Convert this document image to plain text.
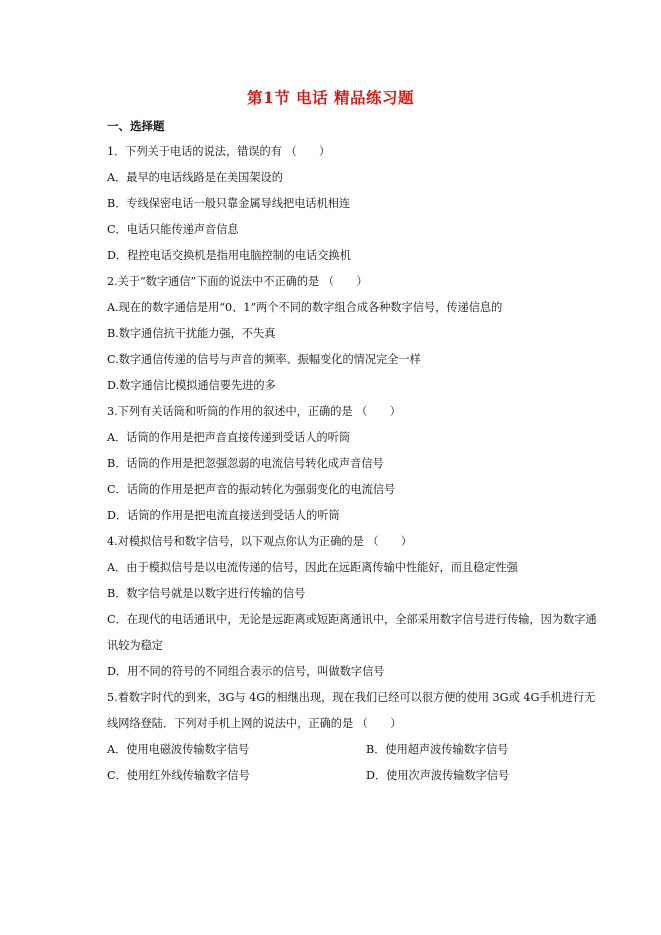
第1节 电话 精品练习题
一、选择题
1．下列关于电话的说法，错误的有 （　　）
A．最早的电话线路是在美国架设的
B．专线保密电话一般只靠金属导线把电话机相连
C．电话只能传递声音信息
D．程控电话交换机是指用电脑控制的电话交换机
2.关于“数字通信”下面的说法中不正确的是 （　　）
A.现在的数字通信是用“0、1”两个不同的数字组合成各种数字信号，传递信息的
B.数字通信抗干扰能力强，不失真
C.数字通信传递的信号与声音的频率、振幅变化的情况完全一样
D.数字通信比模拟通信要先进的多
3.下列有关话筒和听筒的作用的叙述中，正确的是 （　　）
A．话筒的作用是把声音直接传递到受话人的听筒
B．话筒的作用是把忽强忽弱的电流信号转化成声音信号
C．话筒的作用是把声音的振动转化为强弱变化的电流信号
D．话筒的作用是把电流直接送到受话人的听筒
4.对模拟信号和数字信号，以下观点你认为正确的是 （　　）
A．由于模拟信号是以电流传递的信号，因此在远距离传输中性能好，而且稳定性强
B．数字信号就是以数字进行传输的信号
C．在现代的电话通讯中，无论是远距离或短距离通讯中，全部采用数字信号进行传输，因为数字通
讯较为稳定
D．用不同的符号的不同组合表示的信号，叫做数字信号
5.着数字时代的到来，3G与 4G的相继出现，现在我们已经可以很方便的使用 3G或 4G手机进行无
线网络登陆．下列对手机上网的说法中，正确的是 （　　）
A．使用电磁波传输数字信号	B．使用超声波传输数字信号
C．使用红外线传输数字信号	D．使用次声波传输数字信号
